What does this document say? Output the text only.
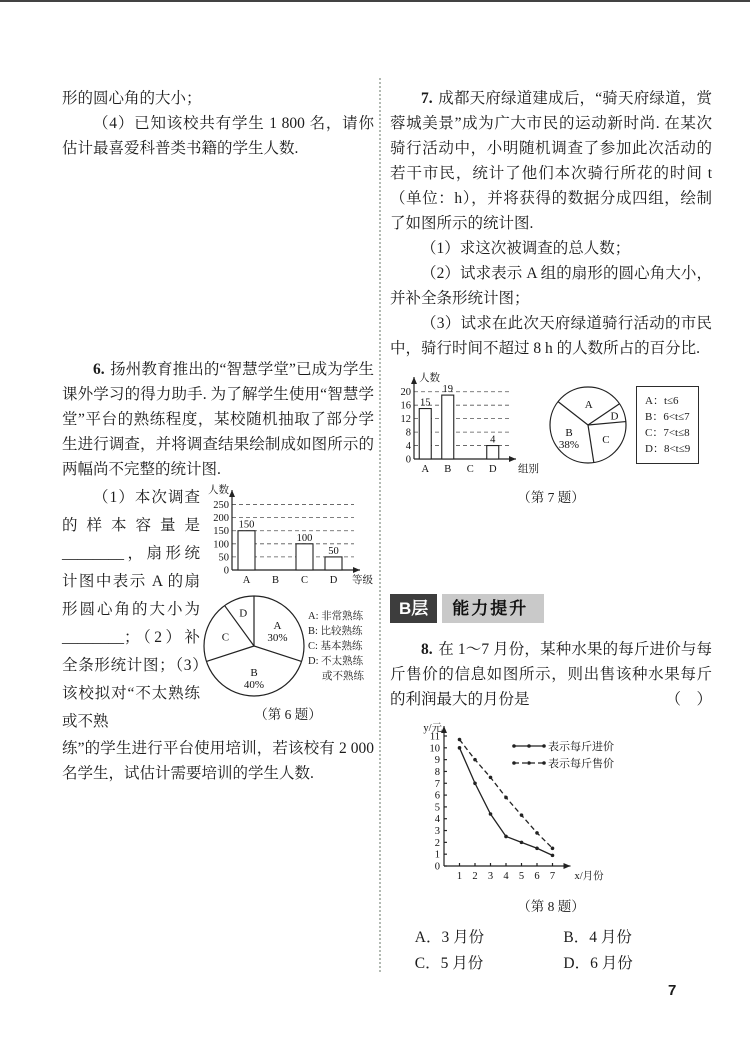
形的圆心角的大小；

（4）已知该校共有学生 1 800 名，请你估计最喜爱科普类书籍的学生人数.

6. 扬州教育推出的“智慧学堂”已成为学生课外学习的得力助手. 为了解学生使用“智慧学堂”平台的熟练程度，某校随机抽取了部分学生进行调查，并将调查结果绘制成如图所示的两幅尚不完整的统计图.

（1）本次调查的样本容量是________，扇形统计图中表示 A 的扇形圆心角的大小为________；（2）补全条形统计图；（3）该校拟对“不太熟练或不熟
0
50
100
150
200
250
A
150
B C
100
D
50
等级
人数
A
30%
B
40%
C
D	A: 非常熟练
B: 比较熟练
C: 基本熟练
D: 不太熟练
或不熟练
（第 6 题）

练”的学生进行平台使用培训，若该校有 2 000 名学生，试估计需要培训的学生人数.

7. 成都天府绿道建成后，“骑天府绿道，赏蓉城美景”成为广大市民的运动新时尚. 在某次骑行活动中，小明随机调查了参加此次活动的若干市民，统计了他们本次骑行所花的时间 t（单位：h），并将获得的数据分成四组，绘制了如图所示的统计图.

（1）求这次被调查的总人数；

（2）试求表示 A 组的扇形的圆心角大小，并补全条形统计图；

（3）试求在此次天府绿道骑行活动的市民中，骑行时间不超过 8 h 的人数所占的百分比.

0
4
8
12
16
20
A
15
B
19
C D
4
组别
人数
A
D
C
B
38%
A：t≤6
B：6<t≤7
C：7<t≤8
D：8<t≤9
（第 7 题）
B层	能力提升

8. 在 1～7 月份，某种水果的每斤进价与每斤售价的信息如图所示，则出售该种水果每斤的利润最大的月份是	（　）

0
1
2
3
4
5
6
7
8
9
10
11
1 2 3 4 5 6 7
y/元
x/月份
表示每斤进价
表示每斤售价
（第 8 题）
A．3 月份	B．4 月份
C．5 月份	D．6 月份
7
